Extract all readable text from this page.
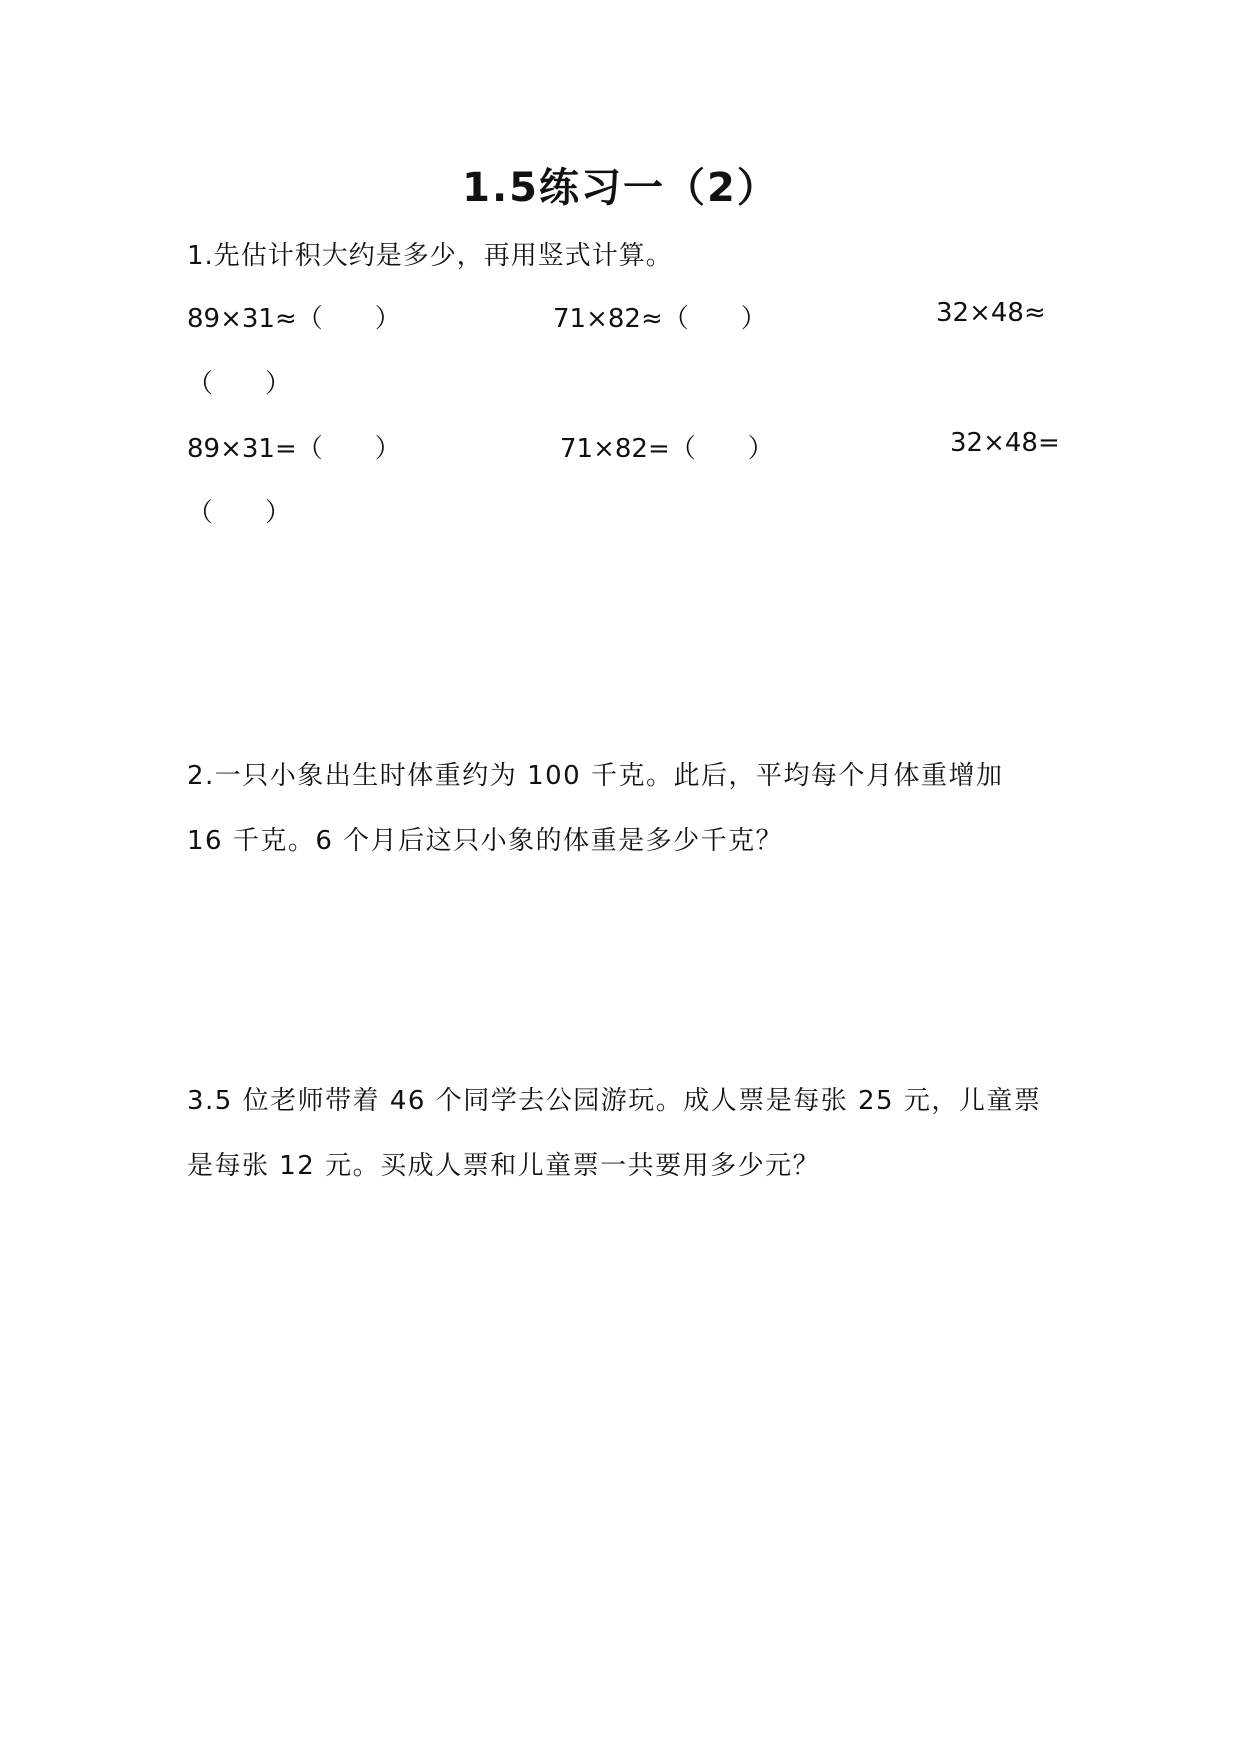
1.5练习一（2）
1.先估计积大约是多少，再用竖式计算。
89×31≈（　　）	71×82≈（　　）	32×48≈
（　　）
89×31=（　　）	71×82=（　　）	32×48=
（　　）
2.一只小象出生时体重约为 100 千克。此后，平均每个月体重增加
16 千克。6 个月后这只小象的体重是多少千克？
3.5 位老师带着 46 个同学去公园游玩。成人票是每张 25 元，儿童票
是每张 12 元。买成人票和儿童票一共要用多少元？
